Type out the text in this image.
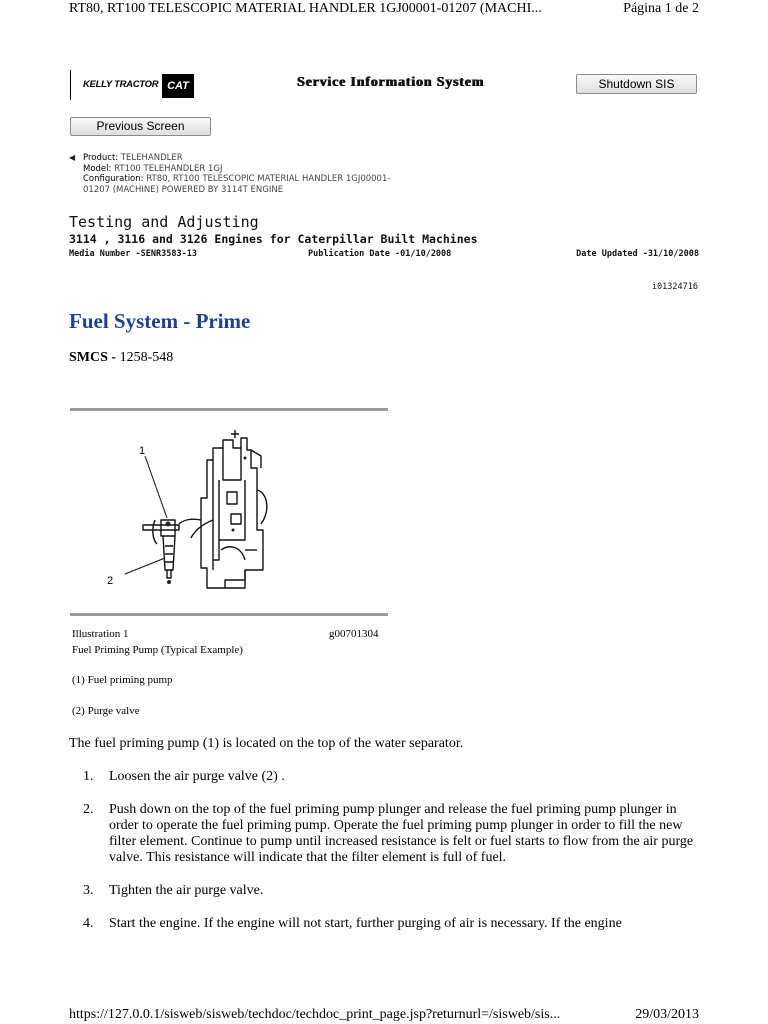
RT80, RT100 TELESCOPIC MATERIAL HANDLER 1GJ00001-01207 (MACHI...	Página 1 de 2
KELLY TRACTOR CAT	Service Information System	Shutdown SIS
Previous Screen
◀ Product: TELEHANDLER
Model: RT100 TELEHANDLER 1GJ
Configuration: RT80, RT100 TELESCOPIC MATERIAL HANDLER 1GJ00001-
01207 (MACHINE) POWERED BY 3114T ENGINE
Testing and Adjusting
3114 , 3116 and 3126 Engines for Caterpillar Built Machines
Media Number -SENR3583-13	Publication Date -01/10/2008	Date Updated -31/10/2008
i01324716
Fuel System - Prime
SMCS - 1258-548
1
2
Illustration 1	g00701304
Fuel Priming Pump (Typical Example)
(1) Fuel priming pump
(2) Purge valve

The fuel priming pump (1) is located on the top of the water separator.

1. Loosen the air purge valve (2) .
2. Push down on the top of the fuel priming pump plunger and release the fuel priming pump plunger in order to operate the fuel priming pump. Operate the fuel priming pump plunger in order to fill the new filter element. Continue to pump until increased resistance is felt or fuel starts to flow from the air purge valve. This resistance will indicate that the filter element is full of fuel.
3. Tighten the air purge valve.
4. Start the engine. If the engine will not start, further purging of air is necessary. If the engine
https://127.0.0.1/sisweb/sisweb/techdoc/techdoc_print_page.jsp?returnurl=/sisweb/sis...	29/03/2013
